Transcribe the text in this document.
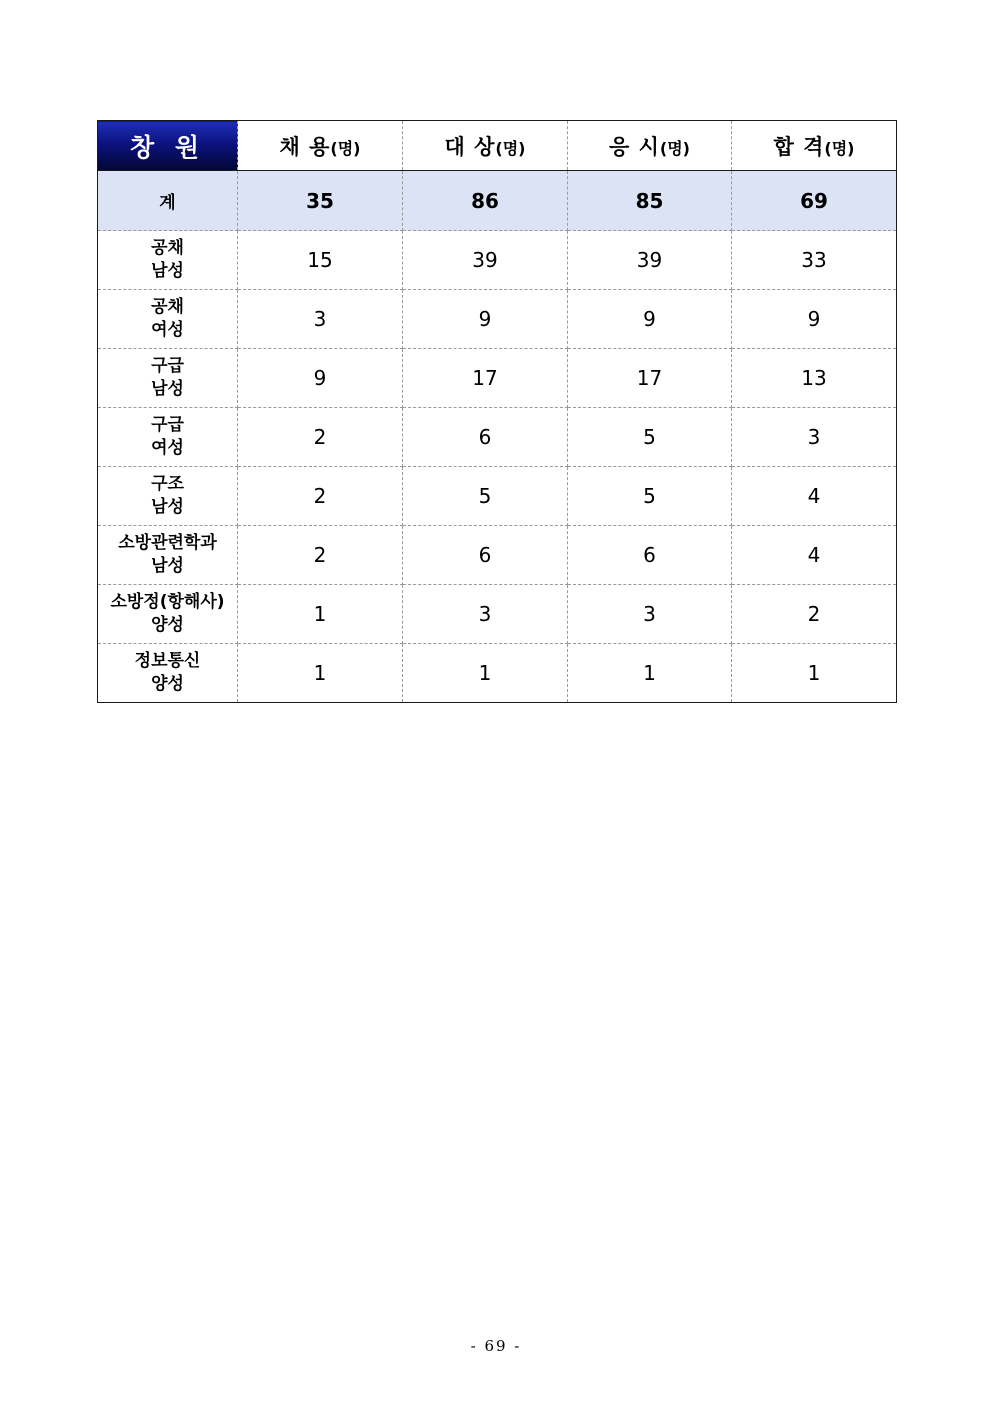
창 원	채 용(명)	대 상(명)	응 시(명)	합 격(명)
계	35	86	85	69

공채
남성	15	39	39	33

공채
여성	3	9	9	9

구급
남성	9	17	17	13

구급
여성	2	6	5	3

구조
남성	2	5	5	4

소방관련학과
남성	2	6	6	4

소방정(항해사)
양성	1	3	3	2

정보통신
양성	1	1	1	1
- 69 -
